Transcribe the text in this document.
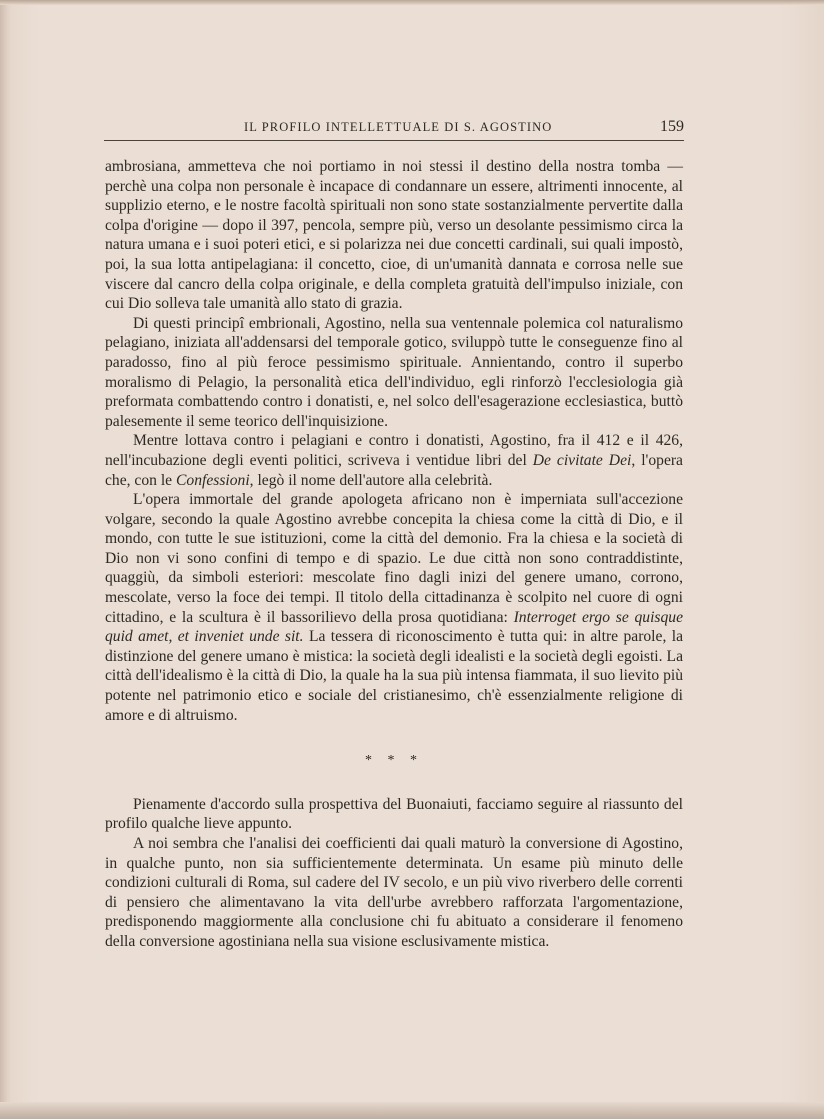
IL PROFILO INTELLETTUALE DI S. AGOSTINO	159

ambrosiana, ammetteva che noi portiamo in noi stessi il destino della nostra tomba — perchè una colpa non personale è incapace di condannare un essere, altrimenti innocente, al supplizio eterno, e le nostre facoltà spirituali non sono state sostanzialmente pervertite dalla colpa d'origine — dopo il 397, pencola, sempre più, verso un desolante pessimismo circa la natura umana e i suoi poteri etici, e si polarizza nei due concetti cardinali, sui quali impostò, poi, la sua lotta antipelagiana: il concetto, cioe, di un'umanità dannata e corrosa nelle sue viscere dal cancro della colpa originale, e della completa gratuità dell'impulso iniziale, con cui Dio solleva tale umanità allo stato di grazia.

Di questi principî embrionali, Agostino, nella sua ventennale polemica col naturalismo pelagiano, iniziata all'addensarsi del temporale gotico, sviluppò tutte le conseguenze fino al paradosso, fino al più feroce pessimismo spirituale. Annientando, contro il superbo moralismo di Pelagio, la personalità etica dell'individuo, egli rinforzò l'ecclesiologia già preformata combattendo contro i donatisti, e, nel solco dell'esagerazione ecclesiastica, buttò palesemente il seme teorico dell'inquisizione.

Mentre lottava contro i pelagiani e contro i donatisti, Agostino, fra il 412 e il 426, nell'incubazione degli eventi politici, scriveva i ventidue libri del De civitate Dei, l'opera che, con le Confessioni, legò il nome dell'autore alla celebrità.

L'opera immortale del grande apologeta africano non è imperniata sull'accezione volgare, secondo la quale Agostino avrebbe concepita la chiesa come la città di Dio, e il mondo, con tutte le sue istituzioni, come la città del demonio. Fra la chiesa e la società di Dio non vi sono confini di tempo e di spazio. Le due città non sono contraddistinte, quaggiù, da simboli esteriori: mescolate fino dagli inizi del genere umano, corrono, mescolate, verso la foce dei tempi. Il titolo della cittadinanza è scolpito nel cuore di ogni cittadino, e la scultura è il bassorilievo della prosa quotidiana: Interroget ergo se quisque quid amet, et inveniet unde sit. La tessera di riconoscimento è tutta qui: in altre parole, la distinzione del genere umano è mistica: la società degli idealisti e la società degli egoisti. La città dell'idealismo è la città di Dio, la quale ha la sua più intensa fiammata, il suo lievito più potente nel patrimonio etico e sociale del cristianesimo, ch'è essenzialmente religione di amore e di altruismo.

* * *

Pienamente d'accordo sulla prospettiva del Buonaiuti, facciamo seguire al riassunto del profilo qualche lieve appunto.

A noi sembra che l'analisi dei coefficienti dai quali maturò la conversione di Agostino, in qualche punto, non sia sufficientemente determinata. Un esame più minuto delle condizioni culturali di Roma, sul cadere del IV secolo, e un più vivo riverbero delle correnti di pensiero che alimentavano la vita dell'urbe avrebbero rafforzata l'argomentazione, predisponendo maggiormente alla conclusione chi fu abituato a considerare il fenomeno della conversione agostiniana nella sua visione esclusivamente mistica.
